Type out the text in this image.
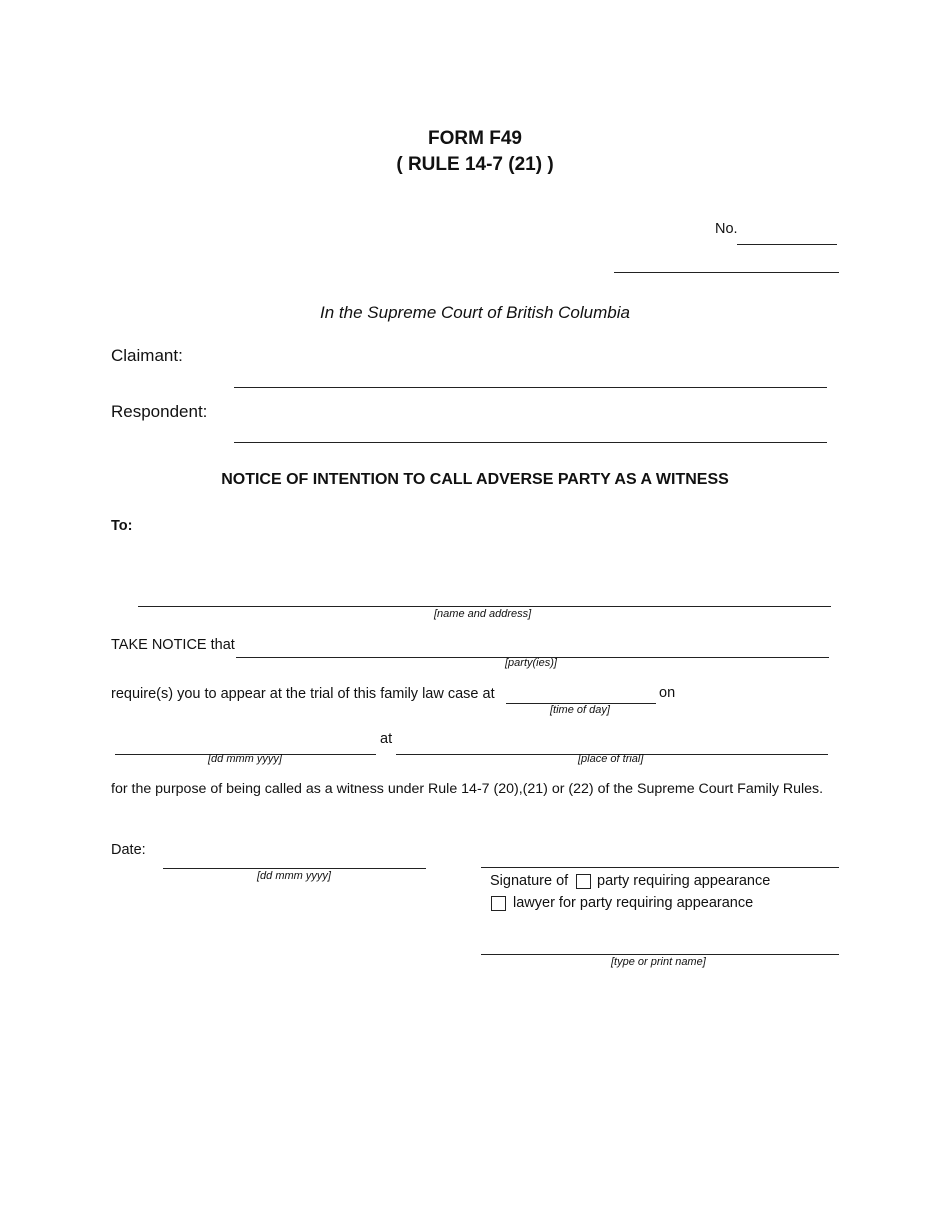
FORM F49
( RULE 14-7 (21) )
No.
In the Supreme Court of British Columbia
Claimant:
Respondent:
NOTICE OF INTENTION TO CALL ADVERSE PARTY AS A WITNESS
To:
[name and address]
TAKE NOTICE that
[party(ies)]
require(s) you to appear at the trial of this family law case at	on
[time of day]
at
[dd mmm yyyy]	[place of trial]
for the purpose of being called as a witness under Rule 14-7 (20),(21) or (22) of the Supreme Court Family Rules.
Date:
[dd mmm yyyy]	Signature of party requiring appearance
lawyer for party requiring appearance
[type or print name]
